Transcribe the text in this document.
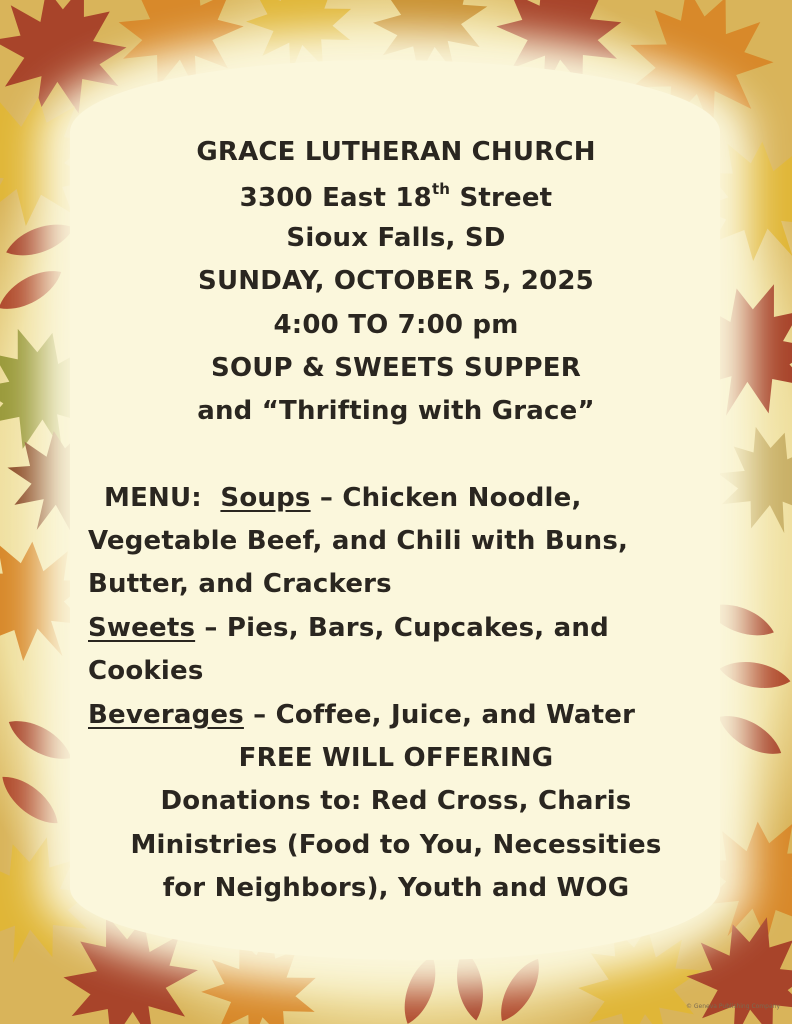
GRACE LUTHERAN CHURCH
3300 East 18th Street
Sioux Falls, SD
SUNDAY, OCTOBER 5, 2025
4:00 TO 7:00 pm
SOUP & SWEETS SUPPER
and “Thrifting with Grace”
MENU: Soups – Chicken Noodle,
Vegetable Beef, and Chili with Buns,
Butter, and Crackers
Sweets – Pies, Bars, Cupcakes, and
Cookies
Beverages – Coffee, Juice, and Water
FREE WILL OFFERING
Donations to: Red Cross, Charis
Ministries (Food to You, Necessities
for Neighbors), Youth and WOG
© Geneva Publishing Company
